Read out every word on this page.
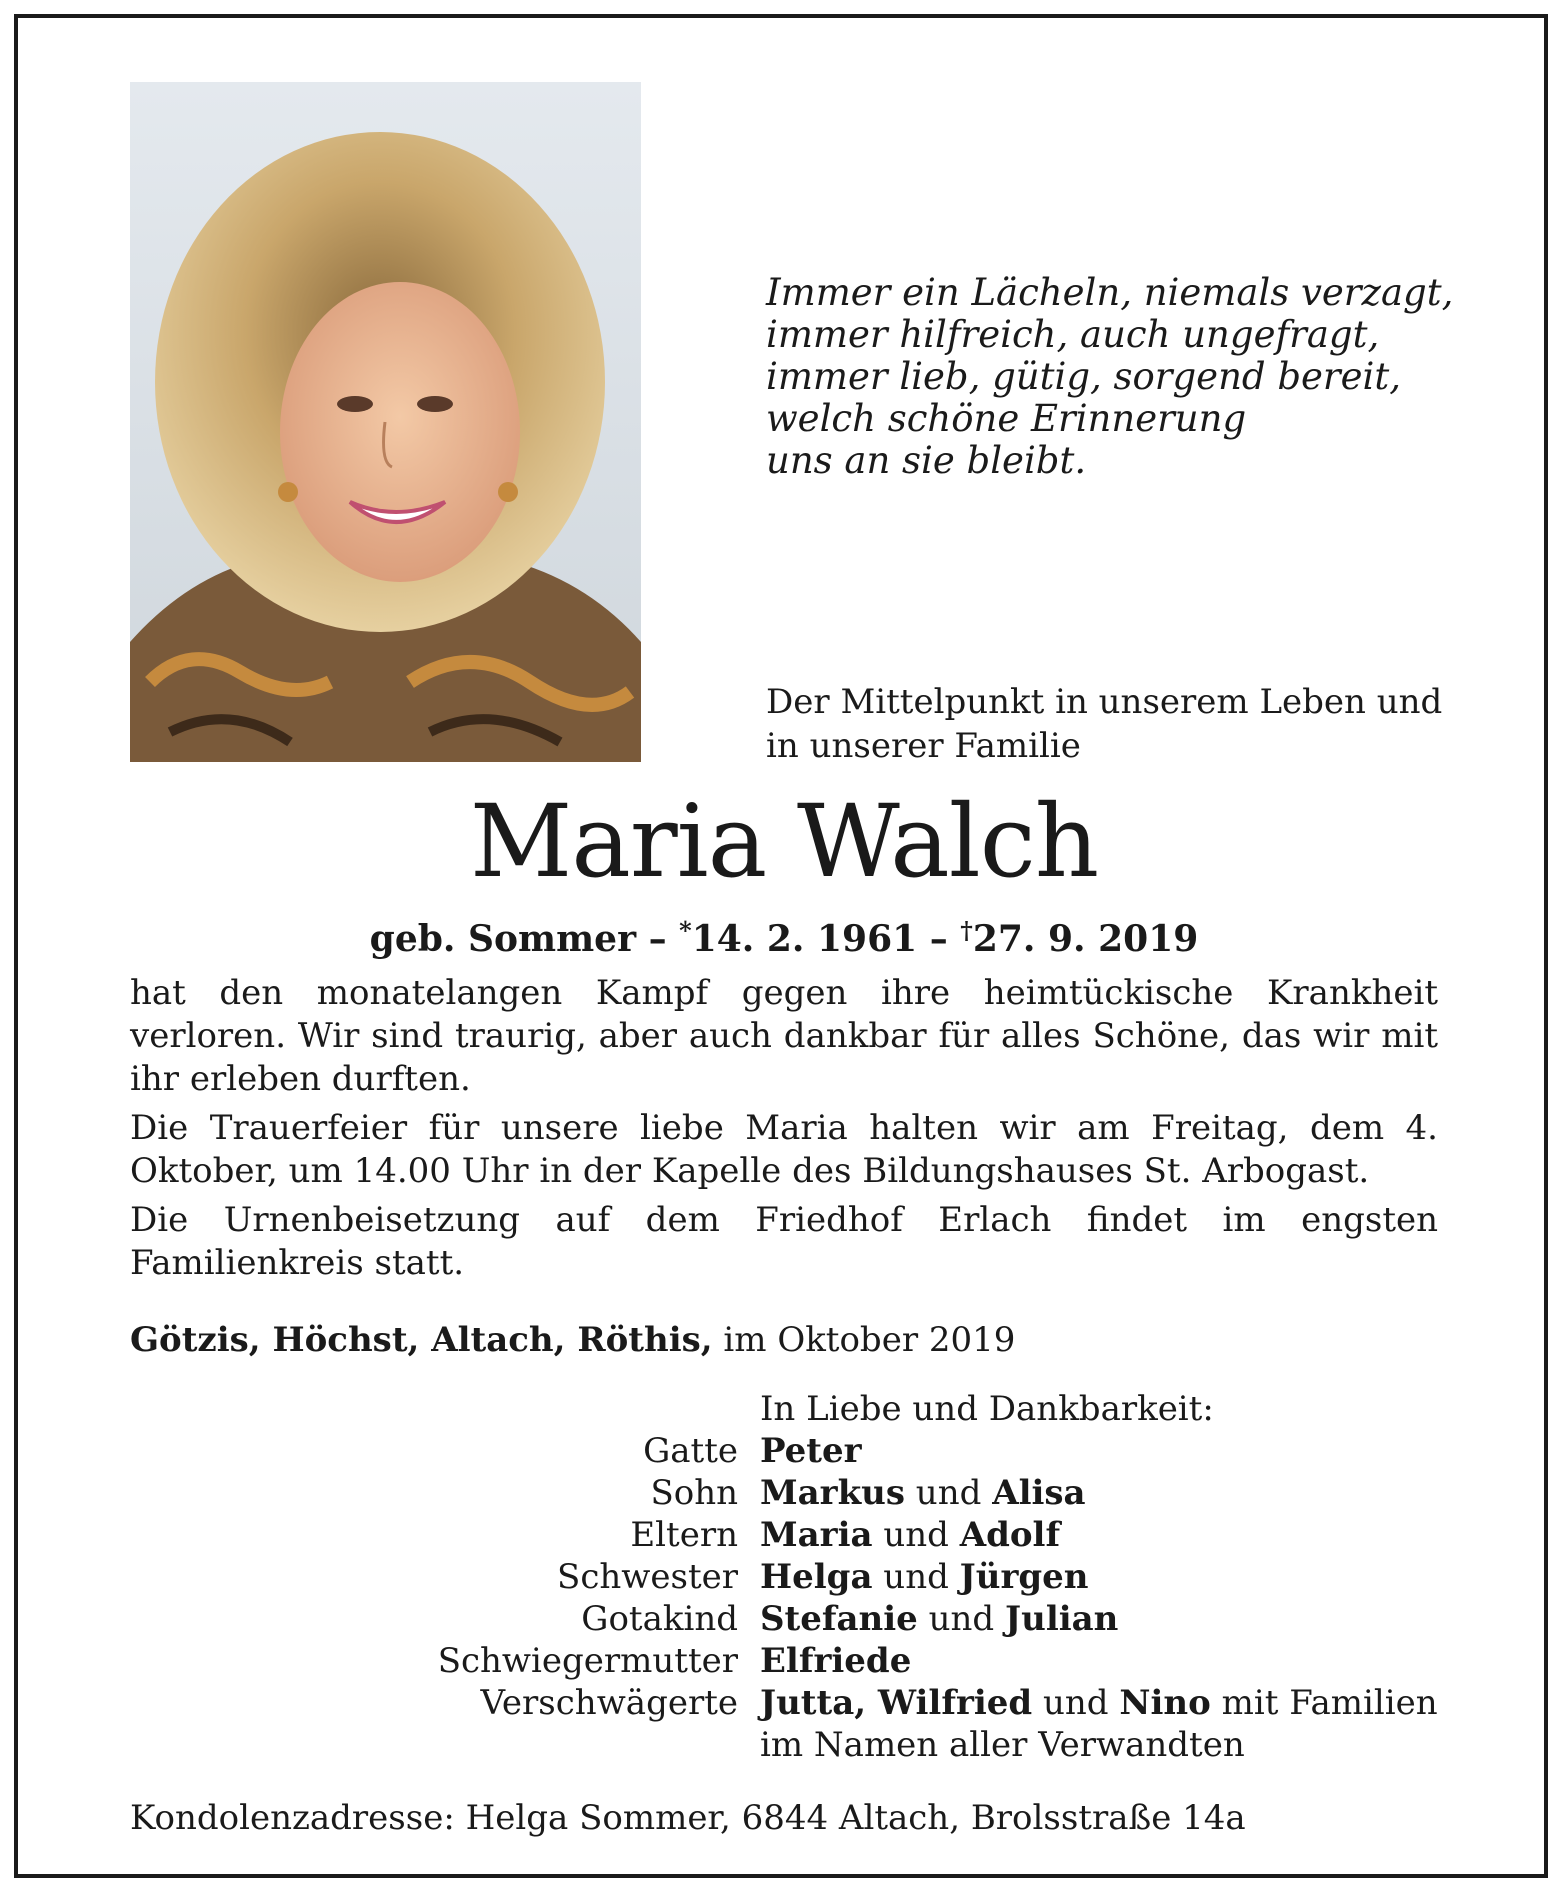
Immer ein Lächeln, niemals verzagt,
immer hilfreich, auch ungefragt,
immer lieb, gütig, sorgend bereit,
welch schöne Erinnerung
uns an sie bleibt.
Der Mittelpunkt in unserem Leben und
in unserer Familie
Maria Walch
geb. Sommer – *14. 2. 1961 – †27. 9. 2019

hat den monatelangen Kampf gegen ihre heimtückische Krankheit verloren. Wir sind traurig, aber auch dankbar für alles Schöne, das wir mit ihr erleben durften.

Die Trauerfeier für unsere liebe Maria halten wir am Freitag, dem 4. Oktober, um 14.00 Uhr in der Kapelle des Bildungshauses St. Arbogast.

Die Urnenbeisetzung auf dem Friedhof Erlach findet im engsten Familienkreis statt.

Götzis, Höchst, Altach, Röthis, im Oktober 2019
In Liebe und Dankbarkeit:
Gatte Peter
Sohn Markus und Alisa
Eltern Maria und Adolf
Schwester Helga und Jürgen
Gotakind Stefanie und Julian
Schwiegermutter Elfriede
Verschwägerte Jutta, Wilfried und Nino mit Familien
im Namen aller Verwandten
Kondolenzadresse: Helga Sommer, 6844 Altach, Brolsstraße 14a
